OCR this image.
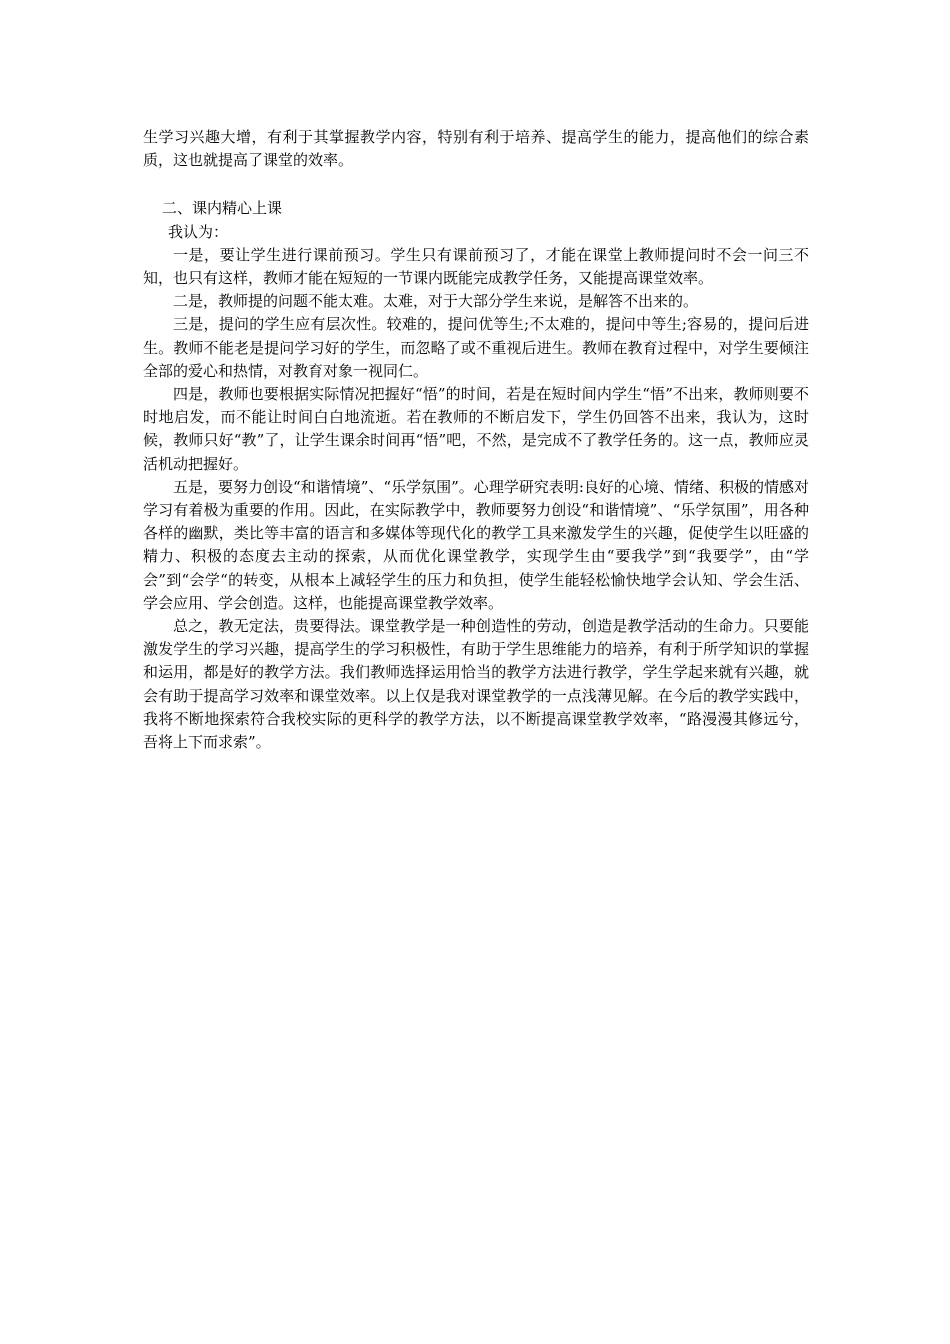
生学习兴趣大增，有利于其掌握教学内容，特别有利于培养、提高学生的能力，提高他们的综合素质，这也就提高了课堂的效率。

二、课内精心上课

我认为：

一是，要让学生进行课前预习。学生只有课前预习了，才能在课堂上教师提问时不会一问三不知，也只有这样，教师才能在短短的一节课内既能完成教学任务，又能提高课堂效率。

二是，教师提的问题不能太难。太难，对于大部分学生来说，是解答不出来的。

三是，提问的学生应有层次性。较难的，提问优等生;不太难的，提问中等生;容易的，提问后进生。教师不能老是提问学习好的学生，而忽略了或不重视后进生。教师在教育过程中，对学生要倾注全部的爱心和热情，对教育对象一视同仁。

四是，教师也要根据实际情况把握好“悟”的时间，若是在短时间内学生“悟”不出来，教师则要不时地启发，而不能让时间白白地流逝。若在教师的不断启发下，学生仍回答不出来，我认为，这时候，教师只好“教”了，让学生课余时间再“悟”吧，不然，是完成不了教学任务的。这一点，教师应灵活机动把握好。

五是，要努力创设“和谐情境”、“乐学氛围”。心理学研究表明:良好的心境、情绪、积极的情感对学习有着极为重要的作用。因此，在实际教学中，教师要努力创设“和谐情境”、“乐学氛围”，用各种各样的幽默，类比等丰富的语言和多媒体等现代化的教学工具来激发学生的兴趣，促使学生以旺盛的精力、积极的态度去主动的探索，从而优化课堂教学，实现学生由“要我学”到“我要学”，由“学会”到“会学“的转变，从根本上减轻学生的压力和负担，使学生能轻松愉快地学会认知、学会生活、学会应用、学会创造。这样，也能提高课堂教学效率。

总之，教无定法，贵要得法。课堂教学是一种创造性的劳动，创造是教学活动的生命力。只要能激发学生的学习兴趣，提高学生的学习积极性，有助于学生思维能力的培养，有利于所学知识的掌握和运用，都是好的教学方法。我们教师选择运用恰当的教学方法进行教学，学生学起来就有兴趣，就会有助于提高学习效率和课堂效率。以上仅是我对课堂教学的一点浅薄见解。在今后的教学实践中，我将不断地探索符合我校实际的更科学的教学方法，以不断提高课堂教学效率，“路漫漫其修远兮，吾将上下而求索”。
